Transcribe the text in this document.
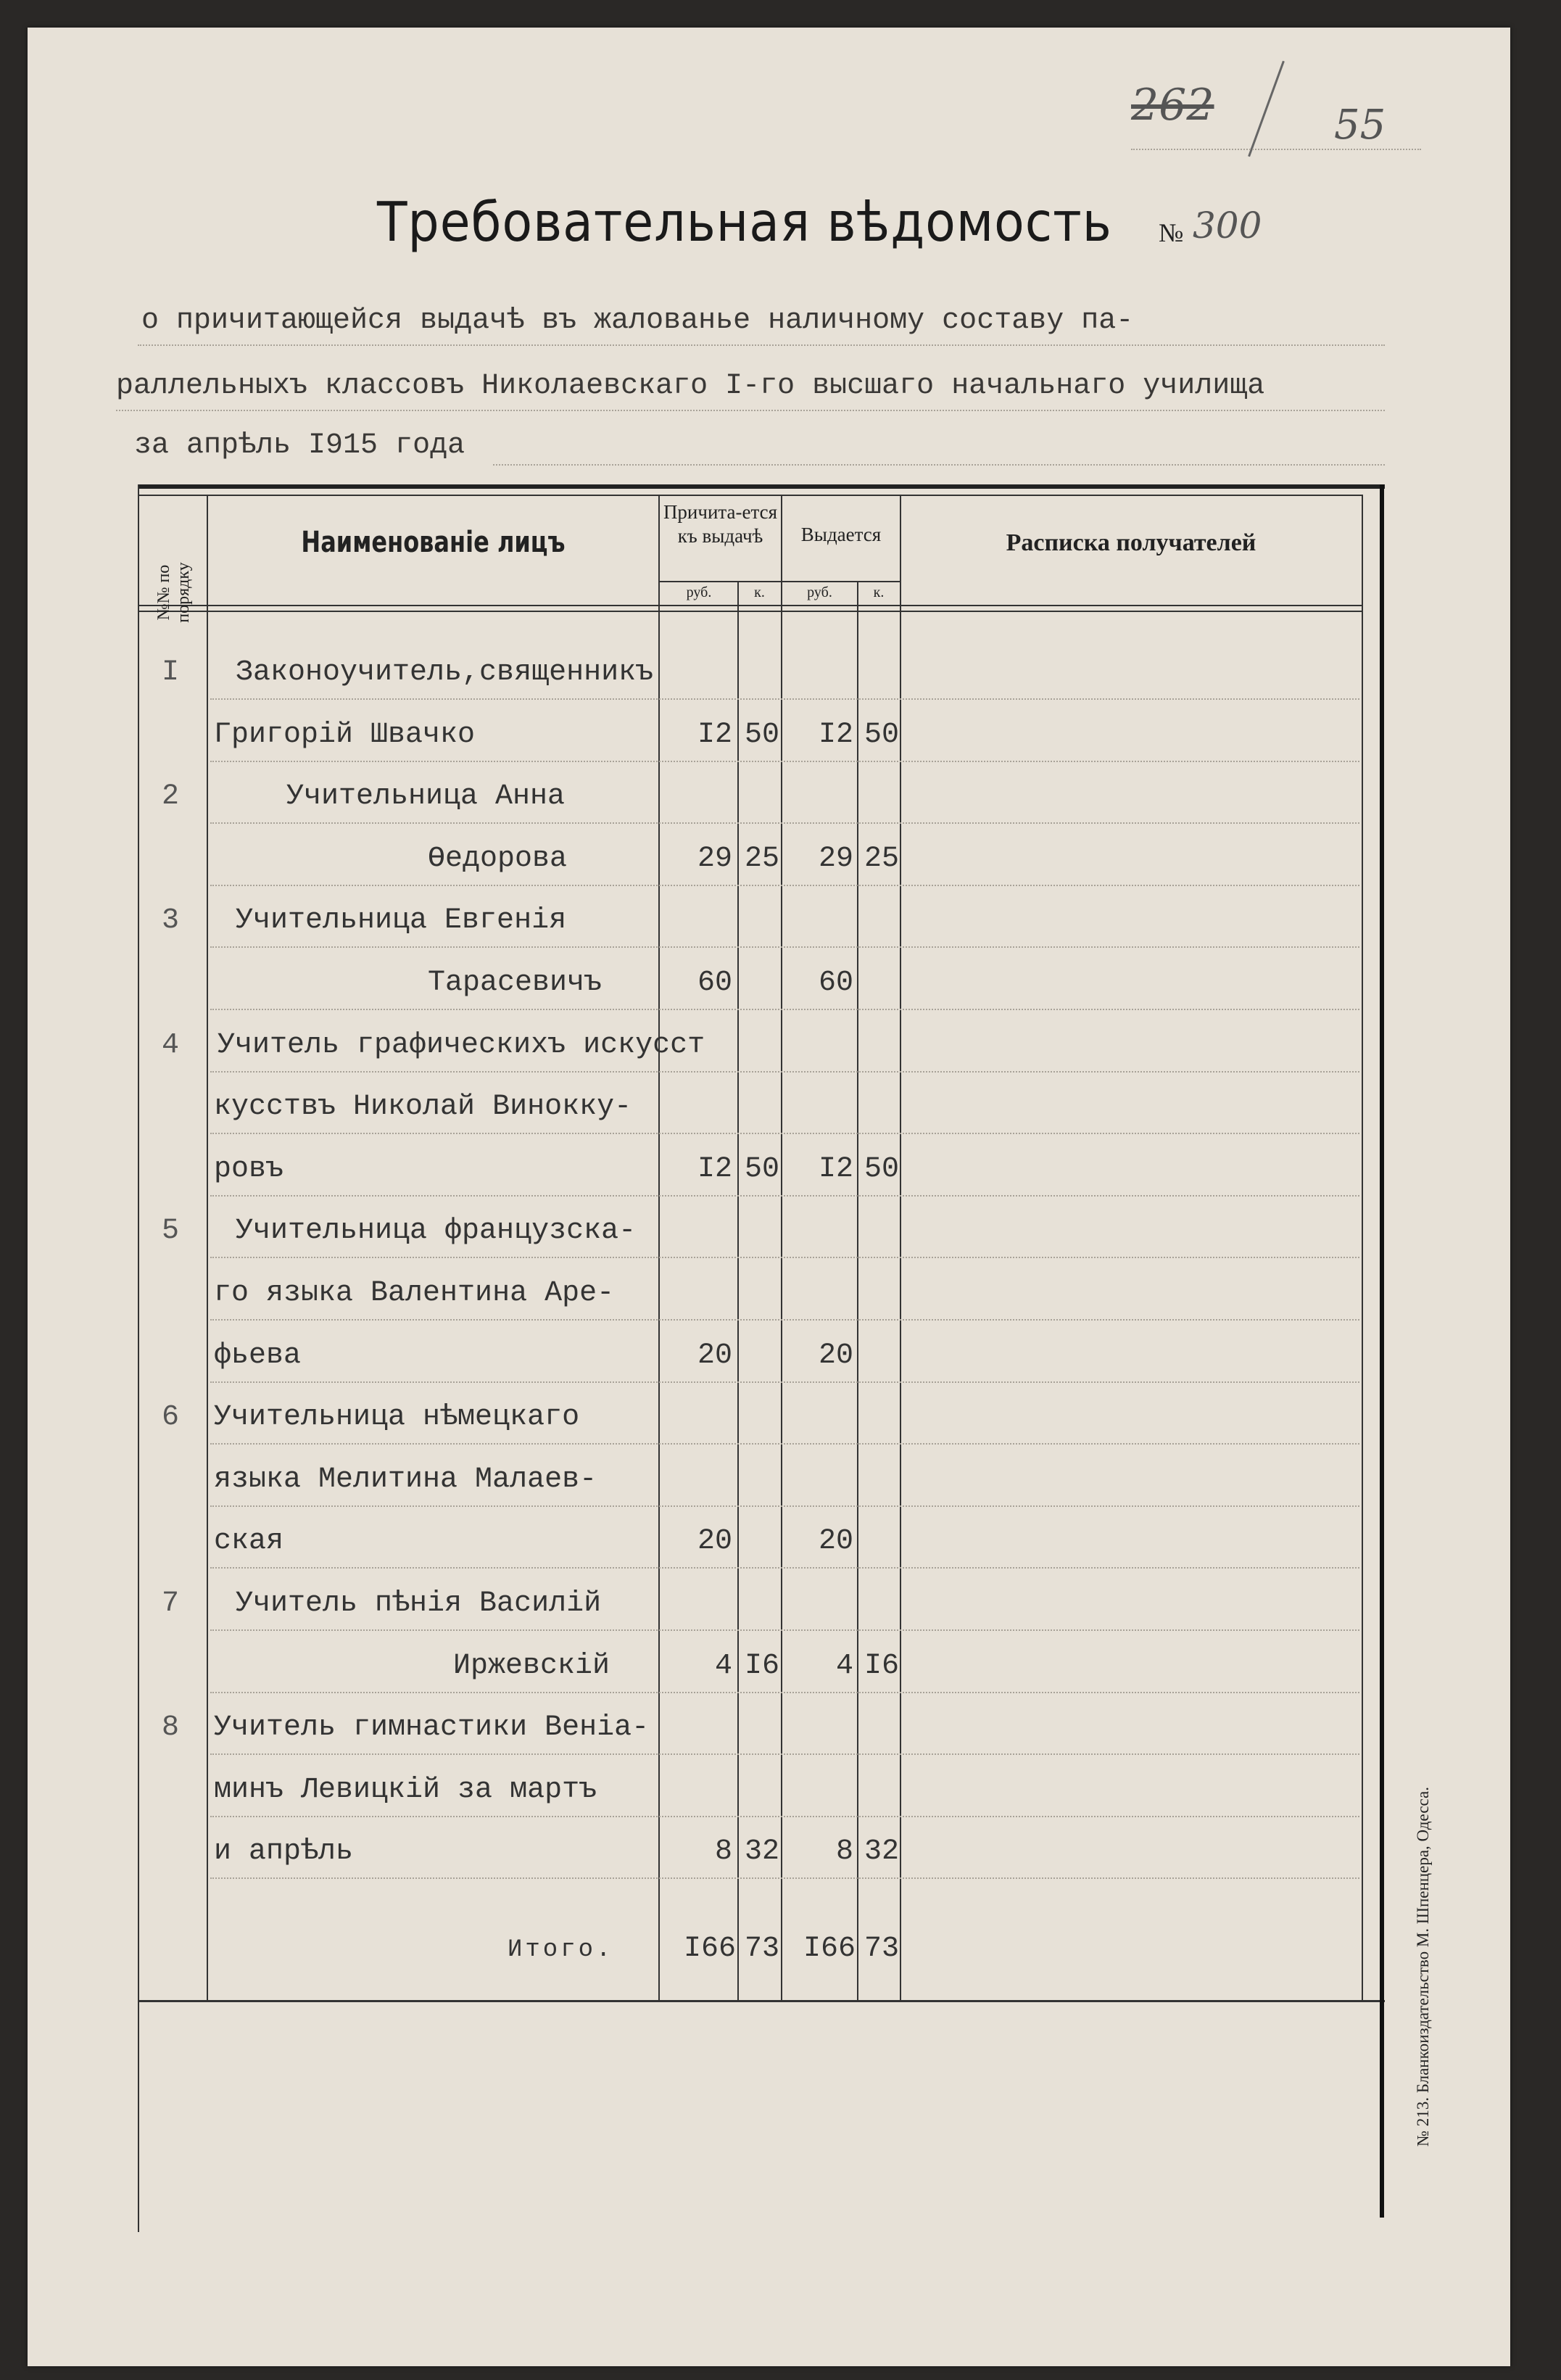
262	55
Требовательная вѣдомость № 300
о причитающейся выдачѣ въ жалованье наличному составу па-
раллельныхъ классовъ Николаевскаго I-го высшаго начальнаго училища
за апрѣль I915 года
№№ по порядку
Наименованіе лицъ
Причита-ется къ выдачѣ	Выдается	Расписка получателей
руб.	к.	руб.	к.
I	Законоучитель,священникъ
Григорій Швачко	I2 50	I2 50
2	Учительница Анна
Өедорова	29 25	29 25
3	Учительница Евгенія
Тарасевичъ	60	60
4	Учитель графическихъ искусст
кусствъ Николай Винокку-
ровъ	I2 50	I2 50
5	Учительница французска-
го языка Валентина Аре-
фьева	20	20
6	Учительница нѣмецкаго
языка Мелитина Малаев-
ская	20	20
7	Учитель пѣнія Василій
Иржевскій	4 I6	4 I6
8	Учитель гимнастики Веніа-
минъ Левицкій за мартъ
и апрѣль	8 32	8 32
Итого.	I66 73 I66 73	№ 213. Бланкоиздательство М. Шпенцера, Одесса.
